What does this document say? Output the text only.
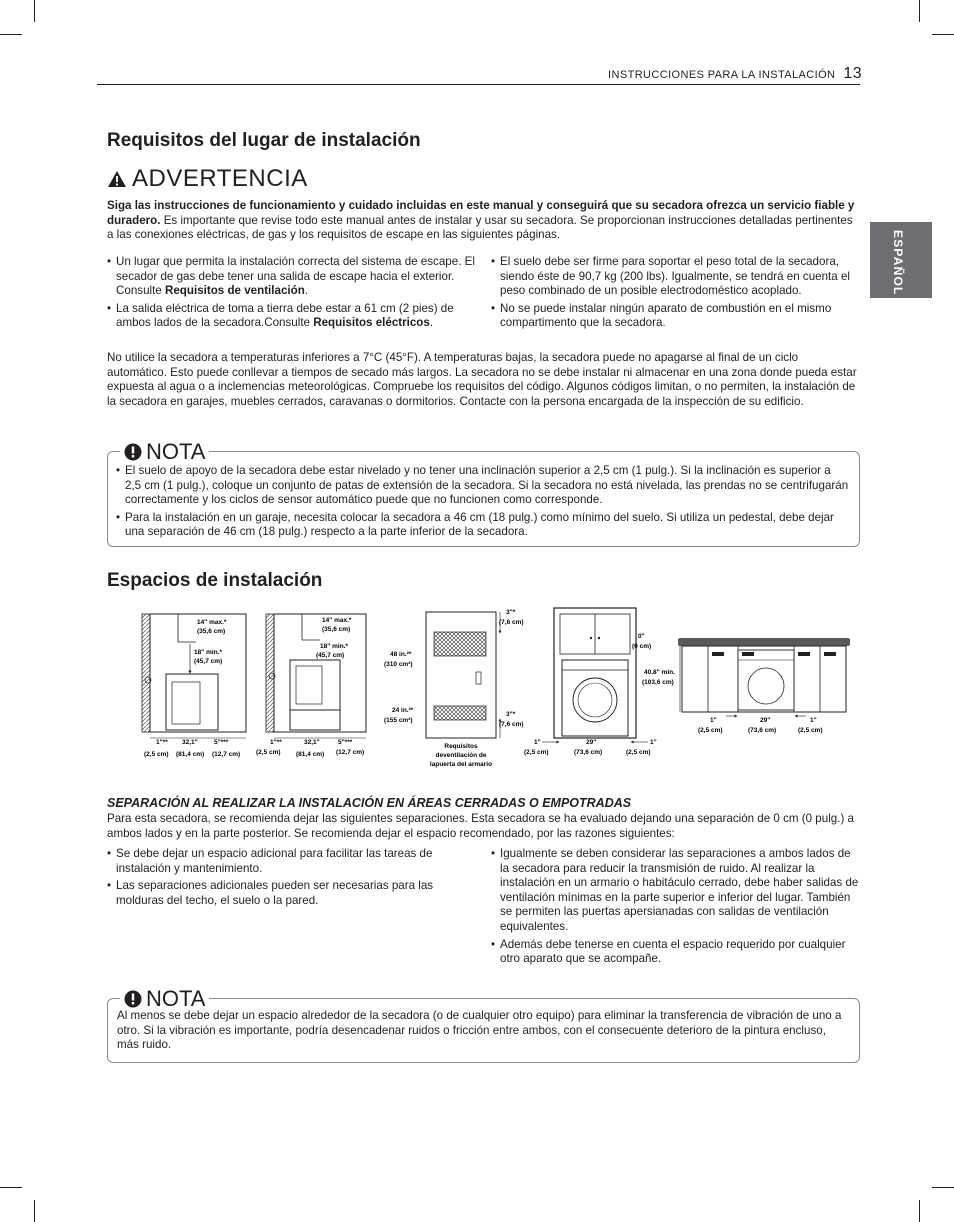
INSTRUCCIONES PARA LA INSTALACIÓN 13
ESPAÑOL
Requisitos del lugar de instalación
ADVERTENCIA

Siga las instrucciones de funcionamiento y cuidado incluidas en este manual y conseguirá que su secadora ofrezca un servicio fiable y duradero. Es importante que revise todo este manual antes de instalar y usar su secadora. Se proporcionan instrucciones detalladas pertinentes a las conexiones eléctricas, de gas y los requisitos de escape en las siguientes páginas.

• Un lugar que permita la instalación correcta del sistema de escape. El secador de gas debe tener una salida de escape hacia el exterior. Consulte Requisitos de ventilación.
• La salida eléctrica de toma a tierra debe estar a 61 cm (2 pies) de ambos lados de la secadora.Consulte Requisitos eléctricos.
• El suelo debe ser firme para soportar el peso total de la secadora, siendo éste de 90,7 kg (200 lbs). Igualmente, se tendrá en cuenta el peso combinado de un posible electrodoméstico acoplado.
• No se puede instalar ningún aparato de combustión en el mismo compartimento que la secadora.

No utilice la secadora a temperaturas inferiores a 7°C (45°F). A temperaturas bajas, la secadora puede no apagarse al final de un ciclo automático. Esto puede conllevar a tiempos de secado más largos. La secadora no se debe instalar ni almacenar en una zona donde pueda estar expuesta al agua o a inclemencias meteorológicas. Compruebe los requisitos del código. Algunos códigos limitan, o no permiten, la instalación de la secadora en garajes, muebles cerrados, caravanas o dormitorios. Contacte con la persona encargada de la inspección de su edificio.

NOTA
• El suelo de apoyo de la secadora debe estar nivelado y no tener una inclinación superior a 2,5 cm (1 pulg.). Si la inclinación es superior a 2,5 cm (1 pulg.), coloque un conjunto de patas de extensión de la secadora. Si la secadora no está nivelada, las prendas no se centrifugarán correctamente y los ciclos de sensor automático puede que no funcionen como corresponde.
• Para la instalación en un garaje, necesita colocar la secadora a 46 cm (18 pulg.) como mínimo del suelo. Si utiliza un pedestal, debe dejar una separación de 46 cm (18 pulg.) respecto a la parte inferior de la secadora.
Espacios de instalación
14" max.*
(35,6 cm)
18" min.*
(45,7 cm)
1"** 32,1"	5"***
(2,5 cm) (81,4 cm) (12,7 cm)
14" max.*
(35,6 cm)
18" min.*
(45,7 cm)
1"**	32,1"	5"***
(2,5 cm) (81,4 cm) (12,7 cm)
48 in.²*
(310 cm²)
24 in.²*
(155 cm²)
3"*
(7,6 cm)
3"*
(7,6 cm)
Requisitos
deventilación de
lapuerta del armario
1"	29"	1"
(2,5 cm)	(73,6 cm)	(2,5 cm)
0"
(0 cm)
40.8" min.
(103,6 cm)
1"	29"	1"
(2,5 cm)	(73,6 cm)	(2,5 cm)

SEPARACIÓN AL REALIZAR LA INSTALACIÓN EN ÁREAS CERRADAS O EMPOTRADAS

Para esta secadora, se recomienda dejar las siguientes separaciones. Esta secadora se ha evaluado dejando una separación de 0 cm (0 pulg.) a ambos lados y en la parte posterior. Se recomienda dejar el espacio recomendado, por las razones siguientes:

• Se debe dejar un espacio adicional para facilitar las tareas de instalación y mantenimiento.
• Las separaciones adicionales pueden ser necesarias para las molduras del techo, el suelo o la pared.
• Igualmente se deben considerar las separaciones a ambos lados de la secadora para reducir la transmisión de ruido. Al realizar la instalación en un armario o habitáculo cerrado, debe haber salidas de ventilación mínimas en la parte superior e inferior del lugar. También se permiten las puertas apersianadas con salidas de ventilación equivalentes.
• Además debe tenerse en cuenta el espacio requerido por cualquier otro aparato que se acompañe.
NOTA

Al menos se debe dejar un espacio alrededor de la secadora (o de cualquier otro equipo) para eliminar la transferencia de vibración de uno a otro. Si la vibración es importante, podría desencadenar ruidos o fricción entre ambos, con el consecuente deterioro de la pintura encluso, más ruido.
